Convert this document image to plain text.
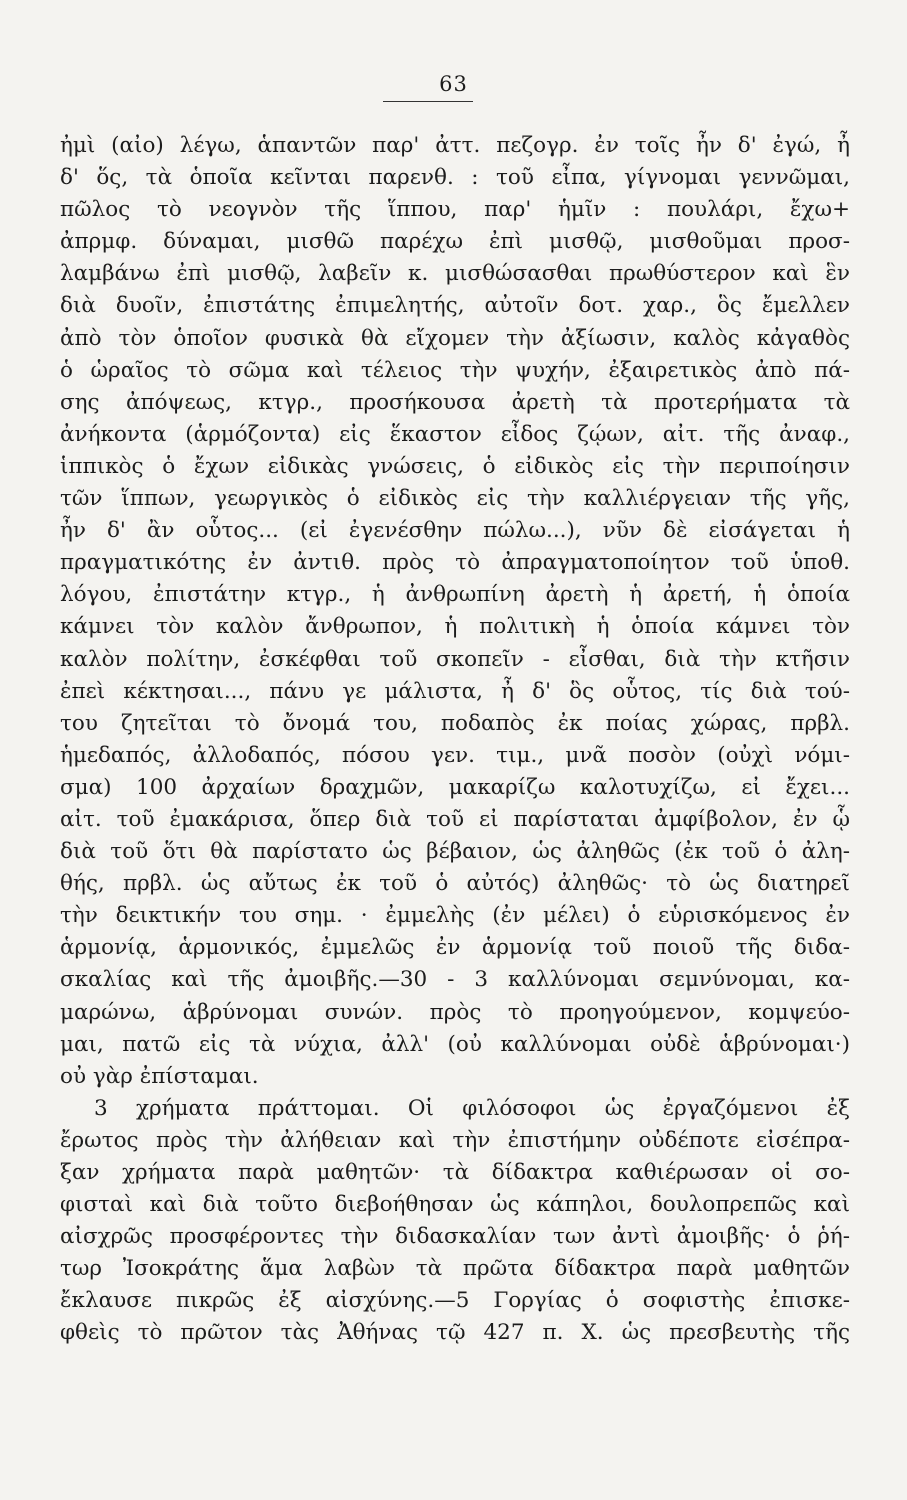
63
ἠμὶ (αἰο) λέγω, ἁπαντῶν παρ' ἀττ. πεζογρ. ἐν τοῖς ἦν δ' ἐγώ, ἦ
δ' ὅς, τὰ ὁποῖα κεῖνται παρενθ. : τοῦ εἶπα, γίγνομαι γεννῶμαι,
πῶλος τὸ νεογνὸν τῆς ἵππου, παρ' ἡμῖν : πουλάρι, ἔχω+
ἀπρμφ. δύναμαι, μισθῶ παρέχω ἐπὶ μισθῷ, μισθοῦμαι προσ-
λαμβάνω ἐπὶ μισθῷ, λαβεῖν κ. μισθώσασθαι πρωθύστερον καὶ ἓν
διὰ δυοῖν, ἐπιστάτης ἐπιμελητής, αὐτοῖν δοτ. χαρ., ὃς ἔμελλεν
ἀπὸ τὸν ὁποῖον φυσικὰ θὰ εἴχομεν τὴν ἀξίωσιν, καλὸς κἀγαθὸς
ὁ ὡραῖος τὸ σῶμα καὶ τέλειος τὴν ψυχήν, ἐξαιρετικὸς ἀπὸ πά-
σης ἀπόψεως, κτγρ., προσήκουσα ἀρετὴ τὰ προτερήματα τὰ
ἀνήκοντα (ἁρμόζοντα) εἰς ἕκαστον εἶδος ζῴων, αἰτ. τῆς ἀναφ.,
ἱππικὸς ὁ ἔχων εἰδικὰς γνώσεις, ὁ εἰδικὸς εἰς τὴν περιποίησιν
τῶν ἵππων, γεωργικὸς ὁ εἰδικὸς εἰς τὴν καλλιέργειαν τῆς γῆς,
ἦν δ' ἂν οὗτος... (εἰ ἐγενέσθην πώλω...), νῦν δὲ εἰσάγεται ἡ
πραγματικότης ἐν ἀντιθ. πρὸς τὸ ἀπραγματοποίητον τοῦ ὑποθ.
λόγου, ἐπιστάτην κτγρ., ἡ ἀνθρωπίνη ἀρετὴ ἡ ἀρετή, ἡ ὁποία
κάμνει τὸν καλὸν ἄνθρωπον, ἡ πολιτικὴ ἡ ὁποία κάμνει τὸν
καλὸν πολίτην, ἐσκέφθαι τοῦ σκοπεῖν - εἶσθαι, διὰ τὴν κτῆσιν
ἐπεὶ κέκτησαι..., πάνυ γε μάλιστα, ἦ δ' ὃς οὗτος, τίς διὰ τού-
του ζητεῖται τὸ ὄνομά του, ποδαπὸς ἐκ ποίας χώρας, πρβλ.
ἡμεδαπός, ἀλλοδαπός, πόσου γεν. τιμ., μνᾶ ποσὸν (οὐχὶ νόμι-
σμα) 100 ἀρχαίων δραχμῶν, μακαρίζω καλοτυχίζω, εἰ ἔχει...
αἰτ. τοῦ ἐμακάρισα, ὅπερ διὰ τοῦ εἰ παρίσταται ἀμφίβολον, ἐν ᾧ
διὰ τοῦ ὅτι θὰ παρίστατο ὡς βέβαιον, ὡς ἀληθῶς (ἐκ τοῦ ὁ ἀλη-
θής, πρβλ. ὡς αὔτως ἐκ τοῦ ὁ αὐτός) ἀληθῶς· τὸ ὡς διατηρεῖ
τὴν δεικτικήν του σημ. · ἐμμελὴς (ἐν μέλει) ὁ εὑρισκόμενος ἐν
ἁρμονίᾳ, ἁρμονικός, ἐμμελῶς ἐν ἁρμονίᾳ τοῦ ποιοῦ τῆς διδα-
σκαλίας καὶ τῆς ἀμοιβῆς.—30 - 3 καλλύνομαι σεμνύνομαι, κα-
μαρώνω, ἁβρύνομαι συνών. πρὸς τὸ προηγούμενον, κομψεύο-
μαι, πατῶ εἰς τὰ νύχια, ἀλλ' (οὐ καλλύνομαι οὐδὲ ἁβρύνομαι·)
οὐ γὰρ ἐπίσταμαι.
3 χρήματα πράττομαι. Οἱ φιλόσοφοι ὡς ἐργαζόμενοι ἐξ
ἔρωτος πρὸς τὴν ἀλήθειαν καὶ τὴν ἐπιστήμην οὐδέποτε εἰσέπρα-
ξαν χρήματα παρὰ μαθητῶν· τὰ δίδακτρα καθιέρωσαν οἱ σο-
φισταὶ καὶ διὰ τοῦτο διεβοήθησαν ὡς κάπηλοι, δουλοπρεπῶς καὶ
αἰσχρῶς προσφέροντες τὴν διδασκαλίαν των ἀντὶ ἀμοιβῆς· ὁ ῥή-
τωρ Ἰσοκράτης ἅμα λαβὼν τὰ πρῶτα δίδακτρα παρὰ μαθητῶν
ἔκλαυσε πικρῶς ἐξ αἰσχύνης.—5 Γοργίας ὁ σοφιστὴς ἐπισκε-
φθεὶς τὸ πρῶτον τὰς Ἀθήνας τῷ 427 π. Χ. ὡς πρεσβευτὴς τῆς
